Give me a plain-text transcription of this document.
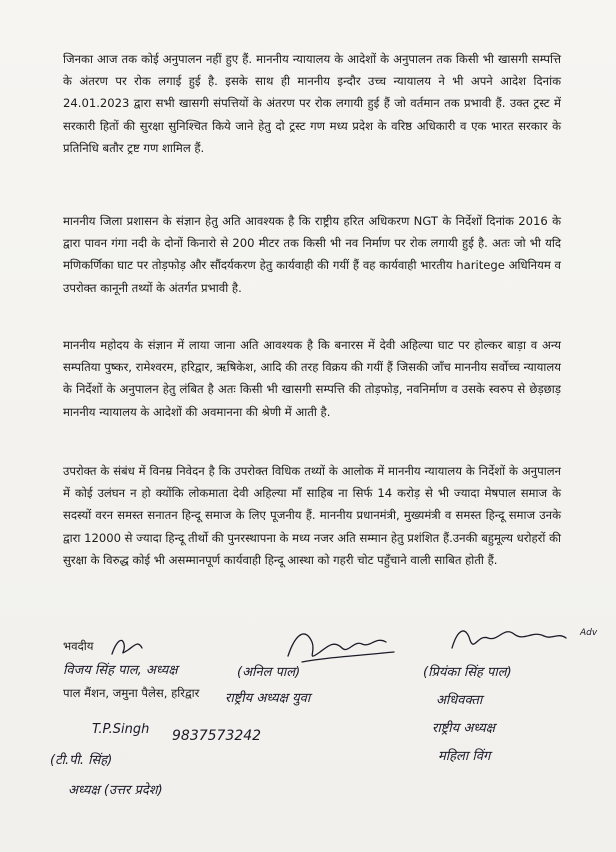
जिनका आज तक कोई अनुपालन नहीं हुए हैं. माननीय न्यायालय के आदेशों के अनुपालन तक किसी भी खासगी सम्पत्ति के अंतरण पर रोक लगाई हुई है. इसके साथ ही माननीय इन्दौर उच्च न्यायालय ने भी अपने आदेश दिनांक 24.01.2023 द्वारा सभी खासगी संपत्तियों के अंतरण पर रोक लगायी हुई हैं जो वर्तमान तक प्रभावी हैं. उक्त ट्रस्ट में सरकारी हितों की सुरक्षा सुनिश्चित किये जाने हेतु दो ट्रस्ट गण मध्य प्रदेश के वरिष्ठ अधिकारी व एक भारत सरकार के प्रतिनिधि बतौर ट्रष्ट गण शामिल हैं.

माननीय जिला प्रशासन के संज्ञान हेतु अति आवश्यक है कि राष्ट्रीय हरित अधिकरण NGT के निर्देशों दिनांक 2016 के द्वारा पावन गंगा नदी के दोनों किनारो से 200 मीटर तक किसी भी नव निर्माण पर रोक लगायी हुई है. अतः जो भी यदि मणिकर्णिका घाट पर तोड़फोड़ और सौंदर्यकरण हेतु कार्यवाही की गयीं हैं वह कार्यवाही भारतीय haritege अधिनियम व उपरोक्त कानूनी तथ्यों के अंतर्गत प्रभावी है.

माननीय महोदय के संज्ञान में लाया जाना अति आवश्यक है कि बनारस में देवी अहिल्या घाट पर होल्कर बाड़ा व अन्य सम्पतिया पुष्कर, रामेश्वरम, हरिद्वार, ऋषिकेश, आदि की तरह विक्रय की गयीं हैं जिसकी जाँच माननीय सर्वोच्च न्यायालय के निर्देशों के अनुपालन हेतु लंबित है अतः किसी भी खासगी सम्पत्ति की तोड़फोड़, नवनिर्माण व उसके स्वरुप से छेड़छाड़ माननीय न्यायालय के आदेशों की अवमानना की श्रेणी में आती है.

उपरोक्त के संबंध में विनम्र निवेदन है कि उपरोक्त विधिक तथ्यों के आलोक में माननीय न्यायालय के निर्देशों के अनुपालन में कोई उलंघन न हो क्योंकि लोकमाता देवी अहिल्या माँ साहिब ना सिर्फ 14 करोड़ से भी ज्यादा मेषपाल समाज के सदस्यों वरन समस्त सनातन हिन्दू समाज के लिए पूजनीय हैं. माननीय प्रधानमंत्री, मुख्यमंत्री व समस्त हिन्दू समाज उनके द्वारा 12000 से ज्यादा हिन्दू तीर्थो की पुनरस्थापना के मध्य नजर अति सम्मान हेतु प्रशंशित हैं.उनकी बहुमूल्य धरोहरों की सुरक्षा के विरुद्ध कोई भी असम्मानपूर्ण कार्यवाही हिन्दू आस्था को गहरी चोट पहुँचाने वाली साबित होती हैं.

भवदीय
विजय सिंह पाल, अध्यक्ष
पाल मैंशन, जमुना पैलेस, हरिद्वार
(अनिल पाल)
राष्ट्रीय अध्यक्ष युवा
Adv
(प्रियंका सिंह पाल)
अधिवक्ता
राष्ट्रीय अध्यक्ष
महिला विंग
T.P.Singh 9837573242
(टी.पी. सिंह)
अध्यक्ष (उत्तर प्रदेश)
